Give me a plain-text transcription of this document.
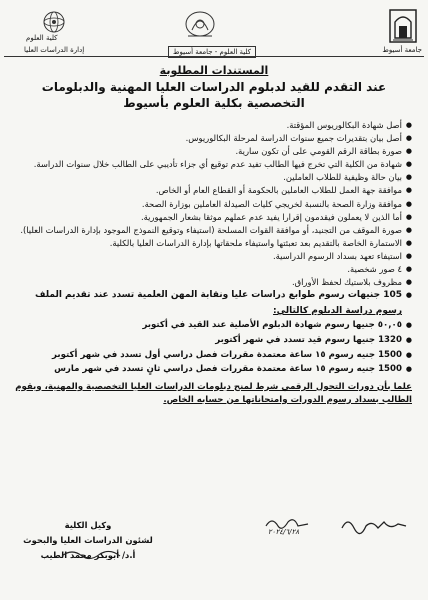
جامعة أسيوط
كلية العلوم - جامعة أسيوط
كلية العلوم
إدارة الدراسات العليا
المستندات المطلوبة
عند التقدم للقيد لدبلوم الدراسات العليا المهنية والدبلومات التخصصية بكلية العلوم بأسيوط
● أصل شهادة البكالوريوس المؤقتة.
● أصل بيان بتقديرات جميع سنوات الدراسة لمرحلة البكالوريوس.
● صورة بطاقة الرقم القومي على أن تكون سارية.
● شهادة من الكلية التي تخرج فيها الطالب تفيد عدم توقيع أي جزاء تأديبي على الطالب خلال سنوات الدراسة.
● بيان حالة وظيفية للطلاب العاملين.
● موافقة جهة العمل للطلاب العاملين بالحكومة أو القطاع العام أو الخاص.
● موافقة وزارة الصحة بالنسبة لخريجي كليات الصيدلة العاملين بوزارة الصحة.
● أما الذين لا يعملون فيقدمون إقرارا يفيد عدم عملهم موثقا بشعار الجمهورية.
● صورة الموقف من التجنيد، أو موافقة القوات المسلحة (استيفاء وتوقيع النموذج الموجود بإدارة الدراسات العليا).
● الاستمارة الخاصة بالتقديم بعد تعبئتها واستيفاء ملحقاتها بإدارة الدراسات العليا بالكلية.
● استيفاء تعهد بسداد الرسوم الدراسية.
● ٤ صور شخصية.
● مظروف بلاستيك لحفظ الأوراق.
● 105 جنيهات رسوم طوابع دراسات عليا ونقابة المهن العلمية تسدد عند تقديم الملف
رسوم دراسة الدبلوم كالتالي:
● ٥٠,٠٥ جنيها رسوم شهادة الدبلوم الأصلية عند القيد في أكتوبر
● 1320 جنيها رسوم قيد تسدد في شهر أكتوبر
● 1500 جنيه رسوم ١٥ ساعة معتمدة مقررات فصل دراسي أول تسدد في شهر أكتوبر
● 1500 جنيه رسوم ١٥ ساعة معتمدة مقررات فصل دراسي ثانٍ تسدد في شهر مارس
علما بأن دورات التحول الرقمي شرط لمنح دبلومات الدراسات العليا التخصصية والمهنية، ويقوم الطالب بسداد رسوم الدورات وامتحاناتها من حسابه الخاص.
٢٠٢٤/٦/٢٨
وكيل الكلية
لشئون الدراسات العليا والبحوث
أ.د/ أبوبكر محمد الطيب
